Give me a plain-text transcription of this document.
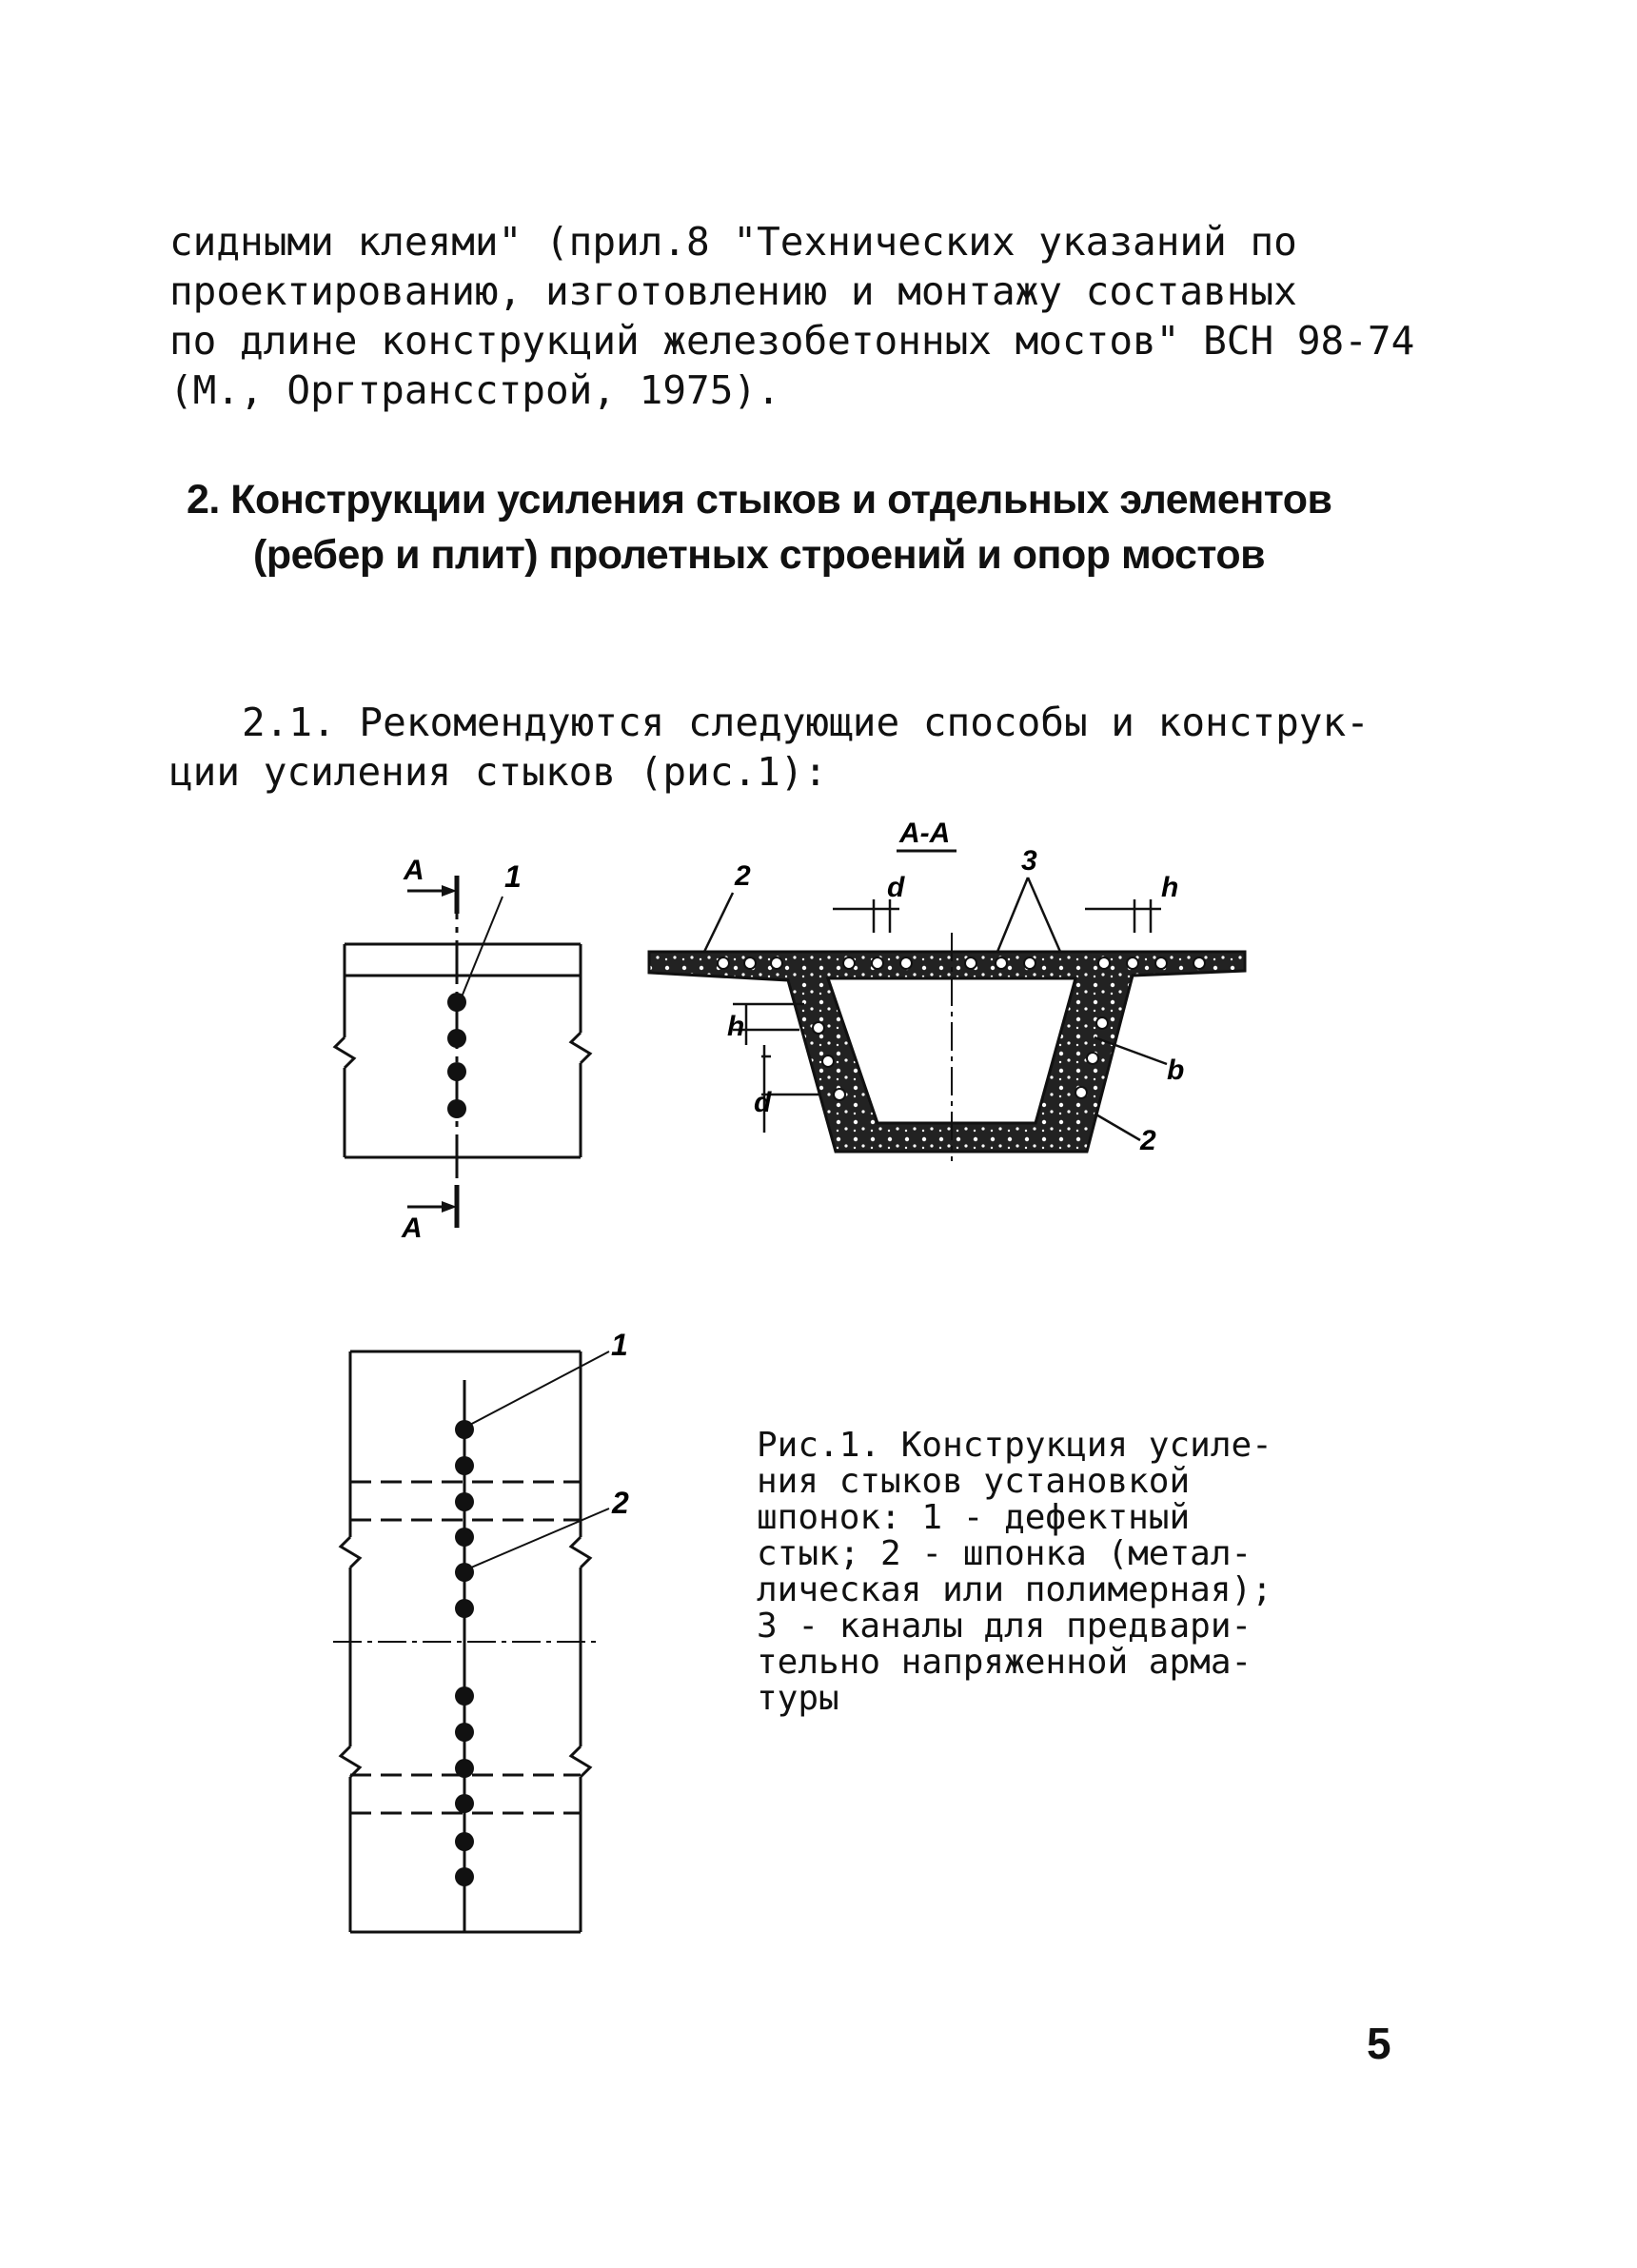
сидными клеями" (прил.8 "Технических указаний по
проектированию, изготовлению и монтажу составных
по длине конструкций железобетонных мостов" ВСН 98-74
(М., Оргтрансстрой, 1975).

2. Конструкции усиления стыков и отдельных элементов
(ребер и плит) пролетных строений и опор мостов

2.1. Рекомендуются следующие способы и конструк-
ции усиления стыков (рис.1):

А
А
1
А-А
2	3
d	h
h
d
b
2
1
2

Рис.1. Конструкция усиле-
ния стыков установкой
шпонок: 1 - дефектный
стык; 2 - шпонка (метал-
лическая или полимерная);
3 - каналы для предвари-
тельно напряженной арма-
туры

5
